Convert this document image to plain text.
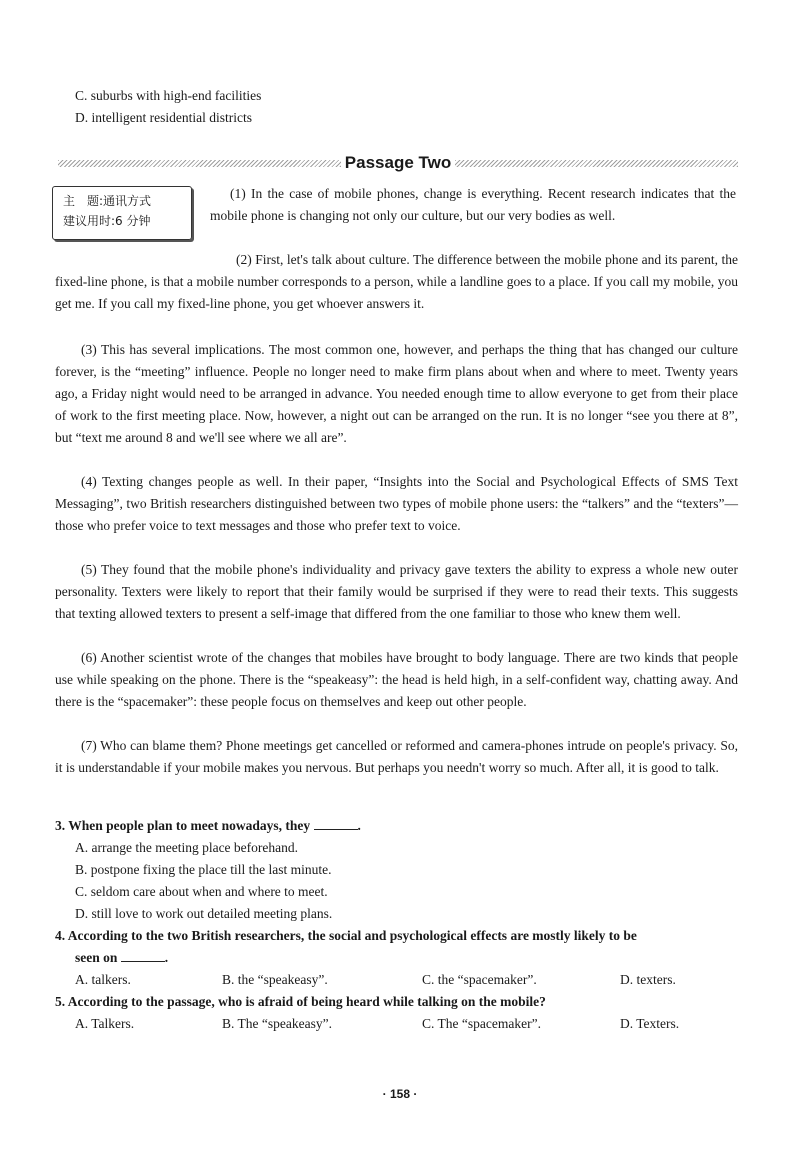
C. suburbs with high-end facilities
D. intelligent residential districts
Passage Two
主　题:通讯方式
建议用时:6 分钟
(1) In the case of mobile phones, change is everything. Recent research indicates that the mobile phone is changing not only our culture, but our very bodies as well.
(2) First, let's talk about culture. The difference between the mobile phone and its parent, the fixed-line phone, is that a mobile number corresponds to a person, while a landline goes to a place. If you call my mobile, you get me. If you call my fixed-line phone, you get whoever answers it.
(3) This has several implications. The most common one, however, and perhaps the thing that has changed our culture forever, is the “meeting” influence. People no longer need to make firm plans about when and where to meet. Twenty years ago, a Friday night would need to be arranged in advance. You needed enough time to allow everyone to get from their place of work to the first meeting place. Now, however, a night out can be arranged on the run. It is no longer “see you there at 8”, but “text me around 8 and we'll see where we all are”.
(4) Texting changes people as well. In their paper, “Insights into the Social and Psychological Effects of SMS Text Messaging”, two British researchers distinguished between two types of mobile phone users: the “talkers” and the “texters”—those who prefer voice to text messages and those who prefer text to voice.
(5) They found that the mobile phone's individuality and privacy gave texters the ability to express a whole new outer personality. Texters were likely to report that their family would be surprised if they were to read their texts. This suggests that texting allowed texters to present a self-image that differed from the one familiar to those who knew them well.
(6) Another scientist wrote of the changes that mobiles have brought to body language. There are two kinds that people use while speaking on the phone. There is the “speakeasy”: the head is held high, in a self-confident way, chatting away. And there is the “spacemaker”: these people focus on themselves and keep out other people.
(7) Who can blame them? Phone meetings get cancelled or reformed and camera-phones intrude on people's privacy. So, it is understandable if your mobile makes you nervous. But perhaps you needn't worry so much. After all, it is good to talk.
3. When people plan to meet nowadays, they	.
A. arrange the meeting place beforehand.
B. postpone fixing the place till the last minute.
C. seldom care about when and where to meet.
D. still love to work out detailed meeting plans.
4. According to the two British researchers, the social and psychological effects are mostly likely to be
seen on	.
A. talkers.	B. the “speakeasy”.	C. the “spacemaker”.	D. texters.
5. According to the passage, who is afraid of being heard while talking on the mobile?
A. Talkers.	B. The “speakeasy”.	C. The “spacemaker”.	D. Texters.
· 158 ·
